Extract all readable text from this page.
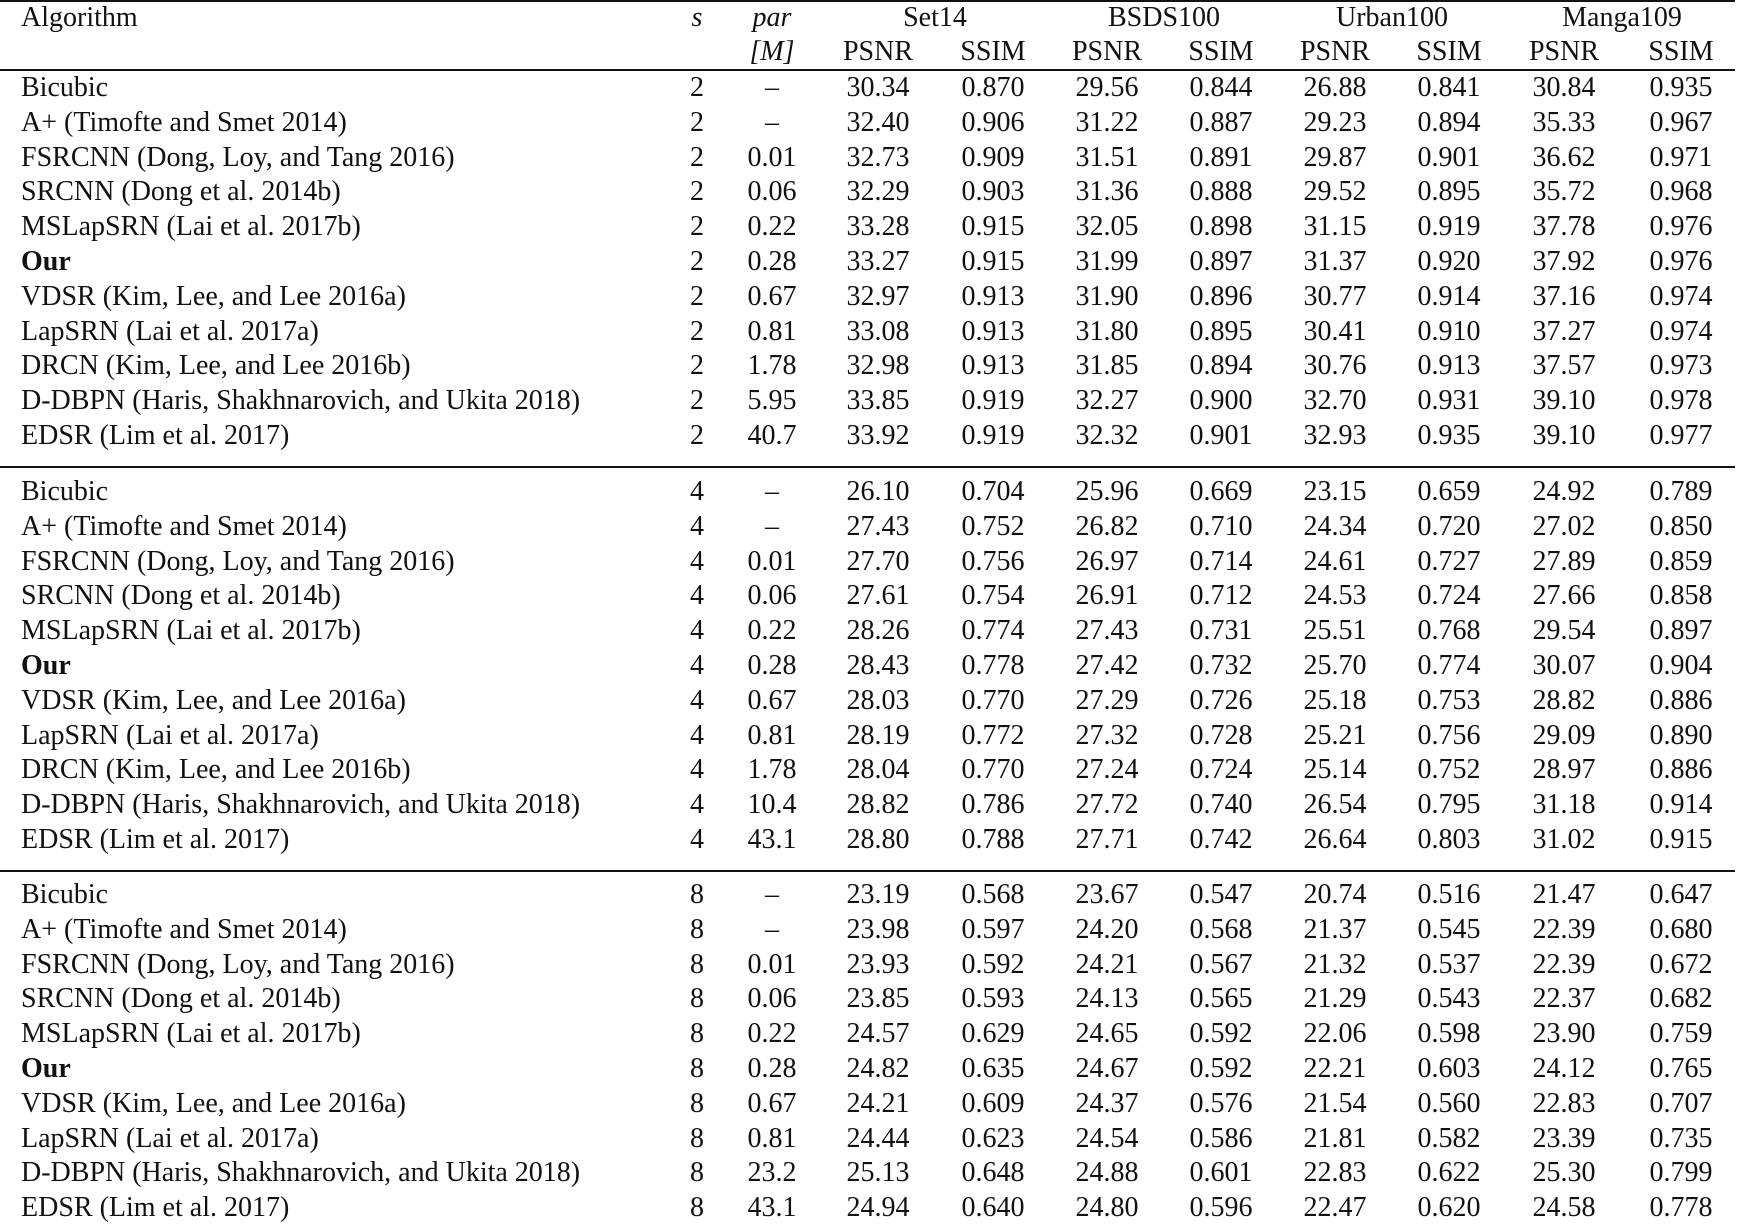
Algorithm	s par	Set14	BSDS100	Urban100	Manga109
[M] PSNR SSIM PSNR SSIM PSNR SSIM PSNR SSIM
Bicubic	2 – 30.34 0.870 29.56 0.844 26.88 0.841 30.84 0.935
A+ (Timofte and Smet 2014)	2 – 32.40 0.906 31.22 0.887 29.23 0.894 35.33 0.967
FSRCNN (Dong, Loy, and Tang 2016)	2 0.01 32.73 0.909 31.51 0.891 29.87 0.901 36.62 0.971
SRCNN (Dong et al. 2014b)	2 0.06 32.29 0.903 31.36 0.888 29.52 0.895 35.72 0.968
MSLapSRN (Lai et al. 2017b)	2 0.22 33.28 0.915 32.05 0.898 31.15 0.919 37.78 0.976
Our	2 0.28 33.27 0.915 31.99 0.897 31.37 0.920 37.92 0.976
VDSR (Kim, Lee, and Lee 2016a)	2 0.67 32.97 0.913 31.90 0.896 30.77 0.914 37.16 0.974
LapSRN (Lai et al. 2017a)	2 0.81 33.08 0.913 31.80 0.895 30.41 0.910 37.27 0.974
DRCN (Kim, Lee, and Lee 2016b)	2 1.78 32.98 0.913 31.85 0.894 30.76 0.913 37.57 0.973
D-DBPN (Haris, Shakhnarovich, and Ukita 2018)	2 5.95 33.85 0.919 32.27 0.900 32.70 0.931 39.10 0.978
EDSR (Lim et al. 2017)	2 40.7 33.92 0.919 32.32 0.901 32.93 0.935 39.10 0.977
Bicubic	4 – 26.10 0.704 25.96 0.669 23.15 0.659 24.92 0.789
A+ (Timofte and Smet 2014)	4 – 27.43 0.752 26.82 0.710 24.34 0.720 27.02 0.850
FSRCNN (Dong, Loy, and Tang 2016)	4 0.01 27.70 0.756 26.97 0.714 24.61 0.727 27.89 0.859
SRCNN (Dong et al. 2014b)	4 0.06 27.61 0.754 26.91 0.712 24.53 0.724 27.66 0.858
MSLapSRN (Lai et al. 2017b)	4 0.22 28.26 0.774 27.43 0.731 25.51 0.768 29.54 0.897
Our	4 0.28 28.43 0.778 27.42 0.732 25.70 0.774 30.07 0.904
VDSR (Kim, Lee, and Lee 2016a)	4 0.67 28.03 0.770 27.29 0.726 25.18 0.753 28.82 0.886
LapSRN (Lai et al. 2017a)	4 0.81 28.19 0.772 27.32 0.728 25.21 0.756 29.09 0.890
DRCN (Kim, Lee, and Lee 2016b)	4 1.78 28.04 0.770 27.24 0.724 25.14 0.752 28.97 0.886
D-DBPN (Haris, Shakhnarovich, and Ukita 2018)	4 10.4 28.82 0.786 27.72 0.740 26.54 0.795 31.18 0.914
EDSR (Lim et al. 2017)	4 43.1 28.80 0.788 27.71 0.742 26.64 0.803 31.02 0.915
Bicubic	8 – 23.19 0.568 23.67 0.547 20.74 0.516 21.47 0.647
A+ (Timofte and Smet 2014)	8 – 23.98 0.597 24.20 0.568 21.37 0.545 22.39 0.680
FSRCNN (Dong, Loy, and Tang 2016)	8 0.01 23.93 0.592 24.21 0.567 21.32 0.537 22.39 0.672
SRCNN (Dong et al. 2014b)	8 0.06 23.85 0.593 24.13 0.565 21.29 0.543 22.37 0.682
MSLapSRN (Lai et al. 2017b)	8 0.22 24.57 0.629 24.65 0.592 22.06 0.598 23.90 0.759
Our	8 0.28 24.82 0.635 24.67 0.592 22.21 0.603 24.12 0.765
VDSR (Kim, Lee, and Lee 2016a)	8 0.67 24.21 0.609 24.37 0.576 21.54 0.560 22.83 0.707
LapSRN (Lai et al. 2017a)	8 0.81 24.44 0.623 24.54 0.586 21.81 0.582 23.39 0.735
D-DBPN (Haris, Shakhnarovich, and Ukita 2018)	8 23.2 25.13 0.648 24.88 0.601 22.83 0.622 25.30 0.799
EDSR (Lim et al. 2017)	8 43.1 24.94 0.640 24.80 0.596 22.47 0.620 24.58 0.778
